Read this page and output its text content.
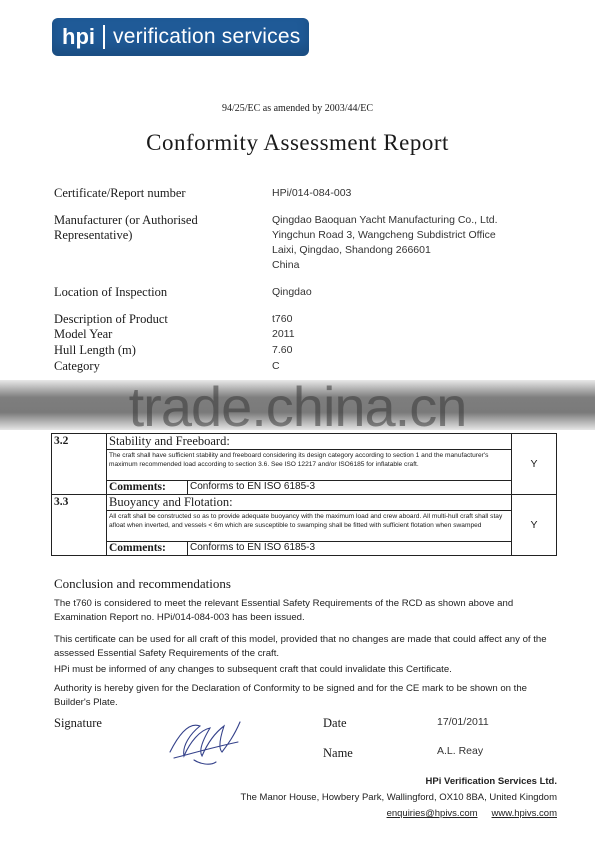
hpi verification services
94/25/EC as amended by 2003/44/EC
Conformity Assessment Report
Certificate/Report number	HPi/014-084-003
Manufacturer (or Authorised
Representative)
Qingdao Baoquan Yacht Manufacturing Co., Ltd.
Yingchun Road 3, Wangcheng Subdistrict Office
Laixi, Qingdao, Shandong 266601
China
Location of Inspection	Qingdao
Description of Product	t760
Model Year	2011
Hull Length (m)	7.60
Category	C
trade.china.cn
3.2	Stability and Freeboard:		Y
	The craft shall have sufficient stability and freeboard considering its design category according to section 1 and the manufacturer's maximum recommended load according to section 3.6. See ISO 12217 and/or ISO6185 for inflatable craft.		
	Comments:	Conforms to EN ISO 6185-3	
3.3	Buoyancy and Flotation:		Y
	All craft shall be constructed so as to provide adequate buoyancy with the maximum load and crew aboard. All multi-hull craft shall stay afloat when inverted, and vessels < 6m which are susceptible to swamping shall be fitted with sufficient flotation when swamped		
	Comments:	Conforms to EN ISO 6185-3	
Conclusion and recommendations
The t760 is considered to meet the relevant Essential Safety Requirements of the RCD as shown above and
Examination Report no. HPi/014-084-003 has been issued.
This certificate can be used for all craft of this model, provided that no changes are made that could affect any of the
assessed Essential Safety Requirements of the craft.
HPi must be informed of any changes to subsequent craft that could invalidate this Certificate.
Authority is hereby given for the Declaration of Conformity to be signed and for the CE mark to be shown on the
Builder's Plate.
Signature	Date	17/01/2011
Name	A.L. Reay
HPi Verification Services Ltd.
The Manor House, Howbery Park, Wallingford, OX10 8BA, United Kingdom
enquiries@hpivs.com www.hpivs.com
